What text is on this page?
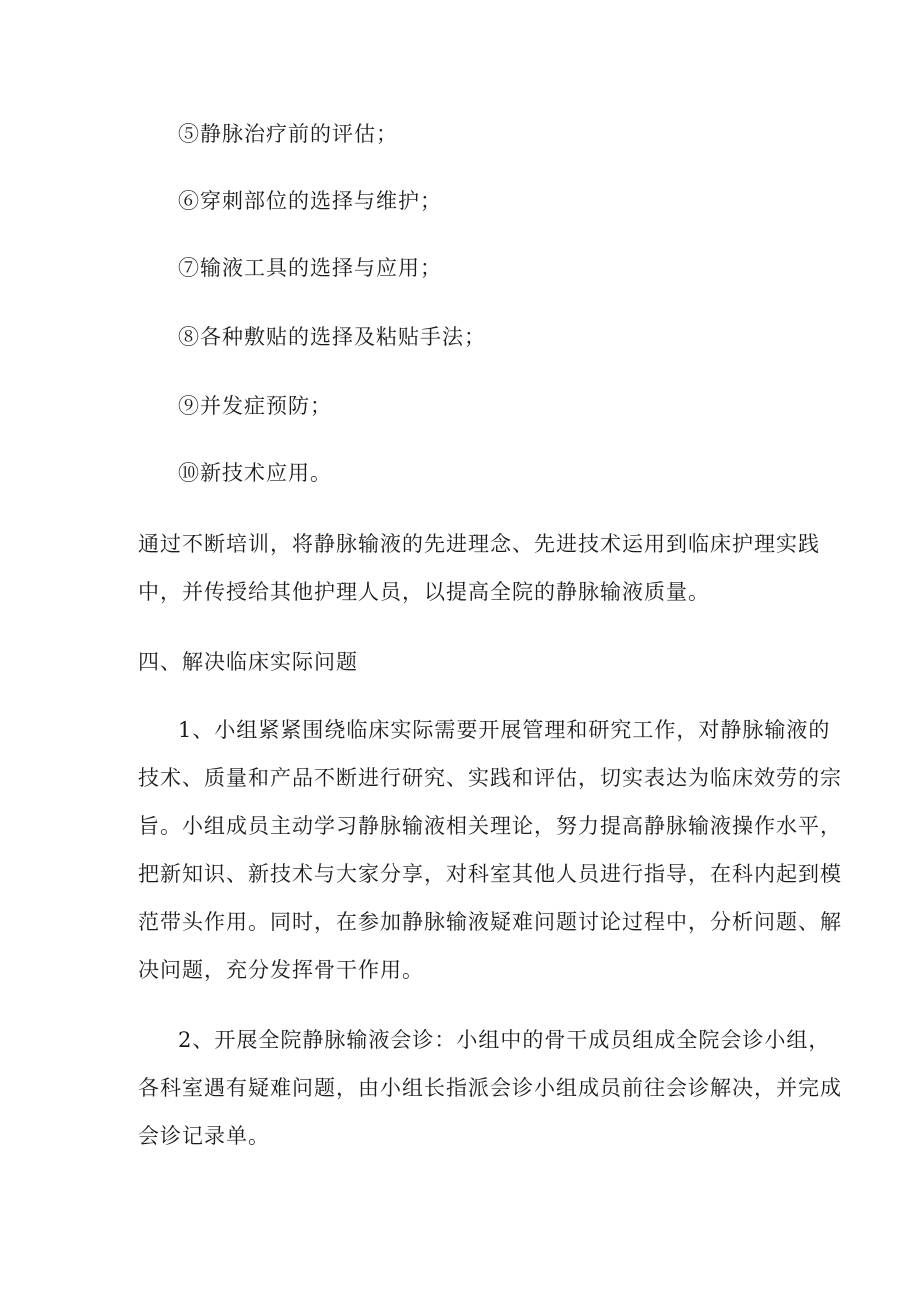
⑤静脉治疗前的评估；
⑥穿刺部位的选择与维护；
⑦输液工具的选择与应用；
⑧各种敷贴的选择及粘贴手法；
⑨并发症预防；
⑩新技术应用。
通过不断培训，将静脉输液的先进理念、先进技术运用到临床护理实践
中，并传授给其他护理人员，以提高全院的静脉输液质量。
四、解决临床实际问题
1、小组紧紧围绕临床实际需要开展管理和研究工作，对静脉输液的
技术、质量和产品不断进行研究、实践和评估，切实表达为临床效劳的宗
旨。小组成员主动学习静脉输液相关理论，努力提高静脉输液操作水平，
把新知识、新技术与大家分享，对科室其他人员进行指导，在科内起到模
范带头作用。同时，在参加静脉输液疑难问题讨论过程中，分析问题、解
决问题，充分发挥骨干作用。
2、开展全院静脉输液会诊：小组中的骨干成员组成全院会诊小组，
各科室遇有疑难问题，由小组长指派会诊小组成员前往会诊解决，并完成
会诊记录单。
